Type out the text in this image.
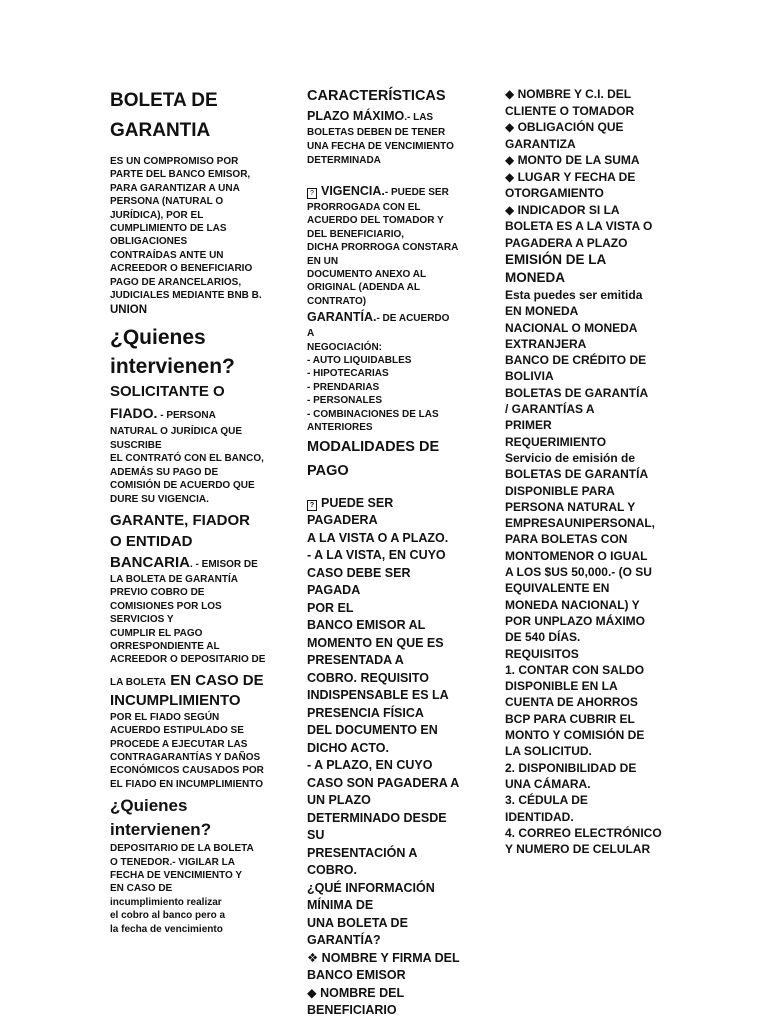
BOLETA DE
GARANTIA
ES UN COMPROMISO POR
PARTE DEL BANCO EMISOR,
PARA GARANTIZAR A UNA
PERSONA (NATURAL O
JURÍDICA), POR EL
CUMPLIMIENTO DE LAS
OBLIGACIONES
CONTRAÍDAS ANTE UN
ACREEDOR O BENEFICIARIO
PAGO DE ARANCELARIOS,
JUDICIALES MEDIANTE BNB B.
UNION
¿Quienes
intervienen?
SOLICITANTE O
FIADO. - PERSONA
NATURAL O JURÍDICA QUE
SUSCRIBE
EL CONTRATÓ CON EL BANCO,
ADEMÁS SU PAGO DE
COMISIÓN DE ACUERDO QUE
DURE SU VIGENCIA.
GARANTE, FIADOR
O ENTIDAD
BANCARIA. - EMISOR DE
LA BOLETA DE GARANTÍA
PREVIO COBRO DE
COMISIONES POR LOS
SERVICIOS Y
CUMPLIR EL PAGO
ORRESPONDIENTE AL
ACREEDOR O DEPOSITARIO DE
LA BOLETA EN CASO DE
INCUMPLIMIENTO
POR EL FIADO SEGÚN
ACUERDO ESTIPULADO SE
PROCEDE A EJECUTAR LAS
CONTRAGARANTÍAS Y DAÑOS
ECONÓMICOS CAUSADOS POR
EL FIADO EN INCUMPLIMIENTO
¿Quienes
intervienen?
DEPOSITARIO DE LA BOLETA
O TENEDOR.- VIGILAR LA
FECHA DE VENCIMIENTO Y
EN CASO DE
incumplimiento realizar
el cobro al banco pero a
la fecha de vencimiento
CARACTERÍSTICAS
PLAZO MÁXIMO.- LAS
BOLETAS DEBEN DE TENER
UNA FECHA DE VENCIMIENTO
DETERMINADA
? VIGENCIA.- PUEDE SER
PRORROGADA CON EL
ACUERDO DEL TOMADOR Y
DEL BENEFICIARIO,
DICHA PRORROGA CONSTARA
EN UN
DOCUMENTO ANEXO AL
ORIGINAL (ADENDA AL
CONTRATO)
GARANTÍA.- DE ACUERDO
A
NEGOCIACIÓN:
- AUTO LIQUIDABLES
- HIPOTECARIAS
- PRENDARIAS
- PERSONALES
- COMBINACIONES DE LAS
ANTERIORES
MODALIDADES DE
PAGO
? PUEDE SER PAGADERA
A LA VISTA O A PLAZO.
- A LA VISTA, EN CUYO
CASO DEBE SER PAGADA
POR EL
BANCO EMISOR AL
MOMENTO EN QUE ES
PRESENTADA A
COBRO. REQUISITO
INDISPENSABLE ES LA
PRESENCIA FÍSICA
DEL DOCUMENTO EN
DICHO ACTO.
- A PLAZO, EN CUYO
CASO SON PAGADERA A
UN PLAZO
DETERMINADO DESDE SU
PRESENTACIÓN A
COBRO.
¿QUÉ INFORMACIÓN
MÍNIMA DE
UNA BOLETA DE
GARANTÍA?
❖ NOMBRE Y FIRMA DEL
BANCO EMISOR
◆ NOMBRE DEL
BENEFICIARIO
◆ NOMBRE Y C.I. DEL
CLIENTE O TOMADOR
◆ OBLIGACIÓN QUE
GARANTIZA
◆ MONTO DE LA SUMA
◆ LUGAR Y FECHA DE
OTORGAMIENTO
◆ INDICADOR SI LA
BOLETA ES A LA VISTA O
PAGADERA A PLAZO
EMISIÓN DE LA
MONEDA
Esta puedes ser emitida
EN MONEDA
NACIONAL O MONEDA
EXTRANJERA
BANCO DE CRÉDITO DE
BOLIVIA
BOLETAS DE GARANTÍA
/ GARANTÍAS A
PRIMER
REQUERIMIENTO
Servicio de emisión de
BOLETAS DE GARANTÍA
DISPONIBLE PARA
PERSONA NATURAL Y
EMPRESAUNIPERSONAL,
PARA BOLETAS CON
MONTOMENOR O IGUAL
A LOS $US 50,000.- (O SU
EQUIVALENTE EN
MONEDA NACIONAL) Y
POR UNPLAZO MÁXIMO
DE 540 DÍAS.
REQUISITOS
1. CONTAR CON SALDO
DISPONIBLE EN LA
CUENTA DE AHORROS
BCP PARA CUBRIR EL
MONTO Y COMISIÓN DE
LA SOLICITUD.
2. DISPONIBILIDAD DE
UNA CÁMARA.
3. CÉDULA DE
IDENTIDAD.
4. CORREO ELECTRÓNICO
Y NUMERO DE CELULAR
